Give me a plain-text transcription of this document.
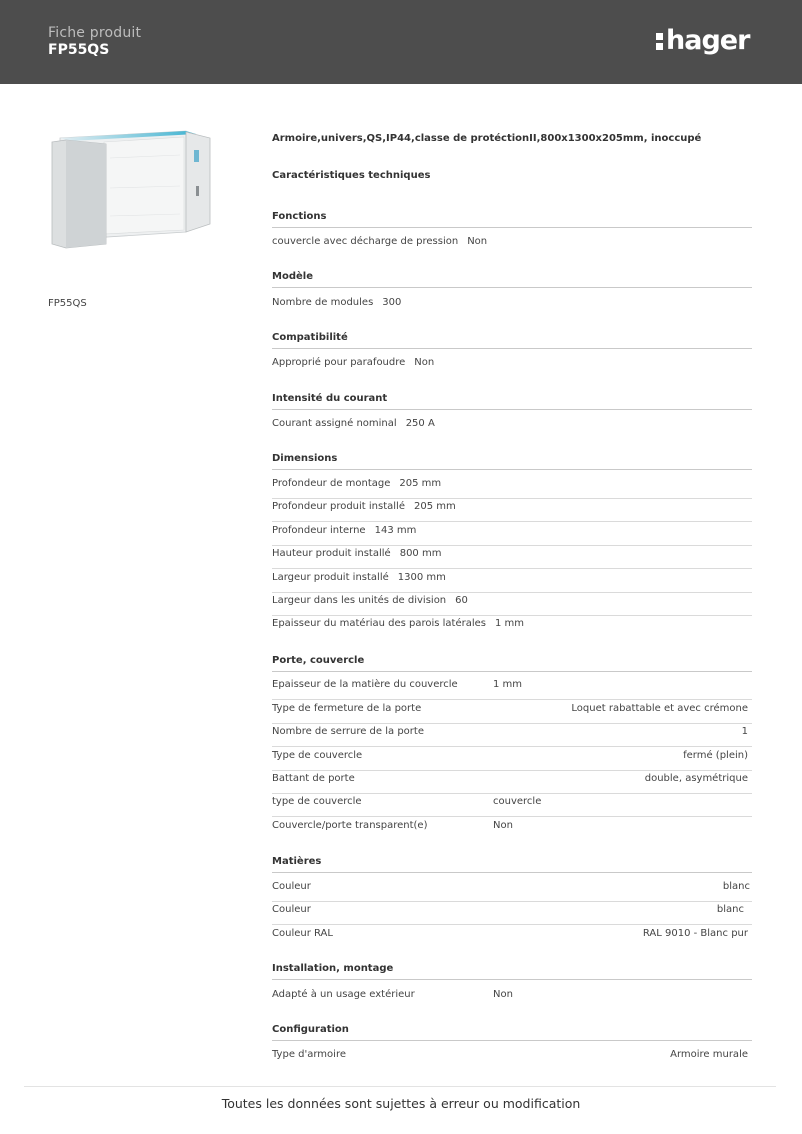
Fiche produit
FP55QS	hager
FP55QS
Armoire,univers,QS,IP44,classe de protéctionII,800x1300x205mm, inoccupé
Caractéristiques techniques
Fonctions
couvercle avec décharge de pression Non
Modèle
Nombre de modules 300
Compatibilité
Approprié pour parafoudre Non
Intensité du courant
Courant assigné nominal 250 A
Dimensions
Profondeur de montage 205 mm
Profondeur produit installé 205 mm
Profondeur interne 143 mm
Hauteur produit installé 800 mm
Largeur produit installé 1300 mm
Largeur dans les unités de division 60
Epaisseur du matériau des parois latérales 1 mm
Porte, couvercle
Epaisseur de la matière du couvercle	1 mm
Type de fermeture de la porte	Loquet rabattable et avec crémone
Nombre de serrure de la porte	1
Type de couvercle	fermé (plein)
Battant de porte	double, asymétrique
type de couvercle	couvercle
Couvercle/porte transparent(e)	Non
Matières
Couleur	blanc
Couleur	blanc
Couleur RAL	RAL 9010 - Blanc pur
Installation, montage
Adapté à un usage extérieur	Non
Configuration
Type d'armoire	Armoire murale
Toutes les données sont sujettes à erreur ou modification
